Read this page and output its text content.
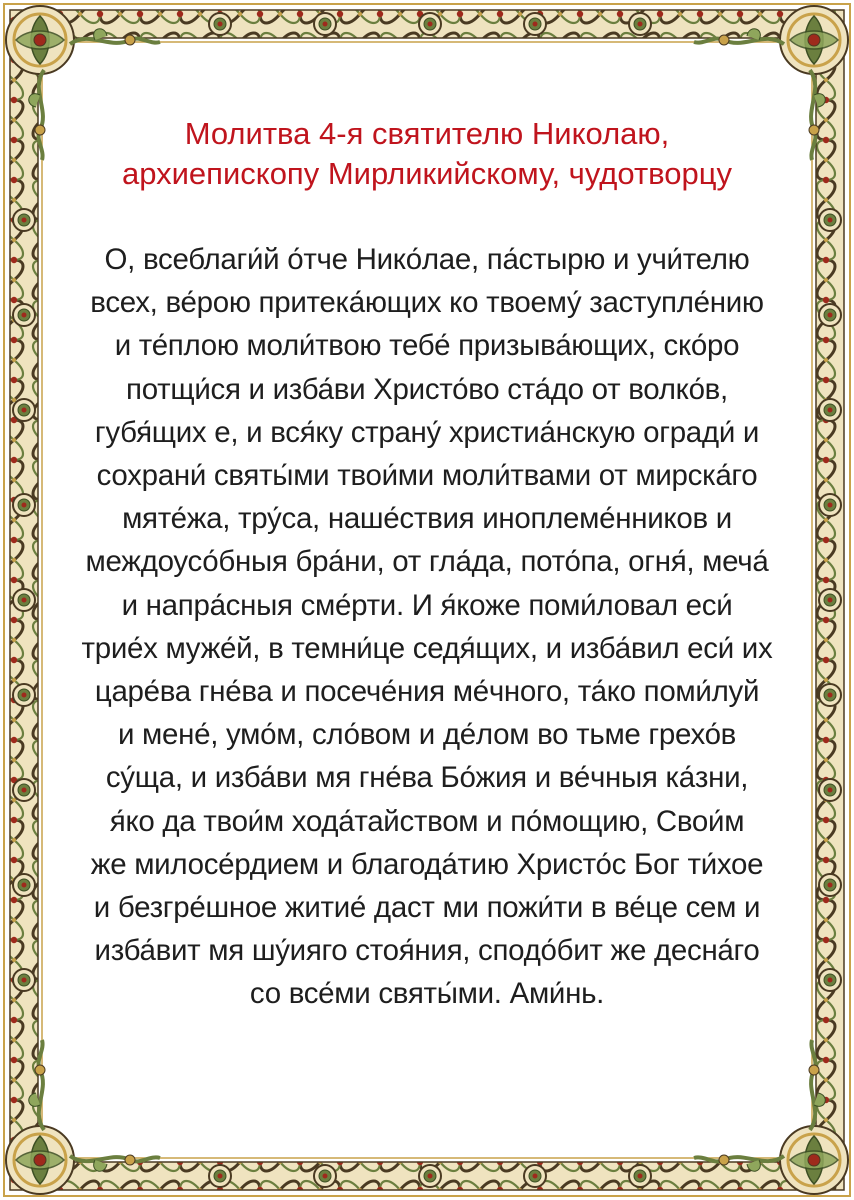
Молитва 4-я святителю Николаю,
архиепископу Мирликийскому, чудотворцу
О, всеблаги́й о́тче Нико́лае, па́стырю и учи́телю
всех, ве́рою притека́ющих ко твоему́ заступле́нию
и те́плою моли́твою тебе́ призыва́ющих, ско́ро
потщи́ся и изба́ви Христо́во ста́до от волко́в,
губя́щих е, и вся́ку страну́ христиа́нскую огради́ и
сохрани́ святы́ми твои́ми моли́твами от мирска́го
мяте́жа, тру́са, наше́ствия иноплеме́нников и
междоусо́бныя бра́ни, от гла́да, пото́па, огня́, меча́
и напра́сныя сме́рти. И я́коже поми́ловал еси́
трие́х муже́й, в темни́це седя́щих, и изба́вил еси́ их
царе́ва гне́ва и посече́ния ме́чного, та́ко поми́луй
и мене́, умо́м, сло́вом и де́лом во тьме грехо́в
су́ща, и изба́ви мя гне́ва Бо́жия и ве́чныя ка́зни,
я́ко да твои́м хода́тайством и по́мощию, Свои́м
же милосе́рдием и благода́тию Христо́с Бог ти́хое
и безгре́шное житие́ даст ми пожи́ти в ве́це сем и
изба́вит мя шу́ияго стоя́ния, сподо́бит же десна́го
со все́ми святы́ми. Ами́нь.
